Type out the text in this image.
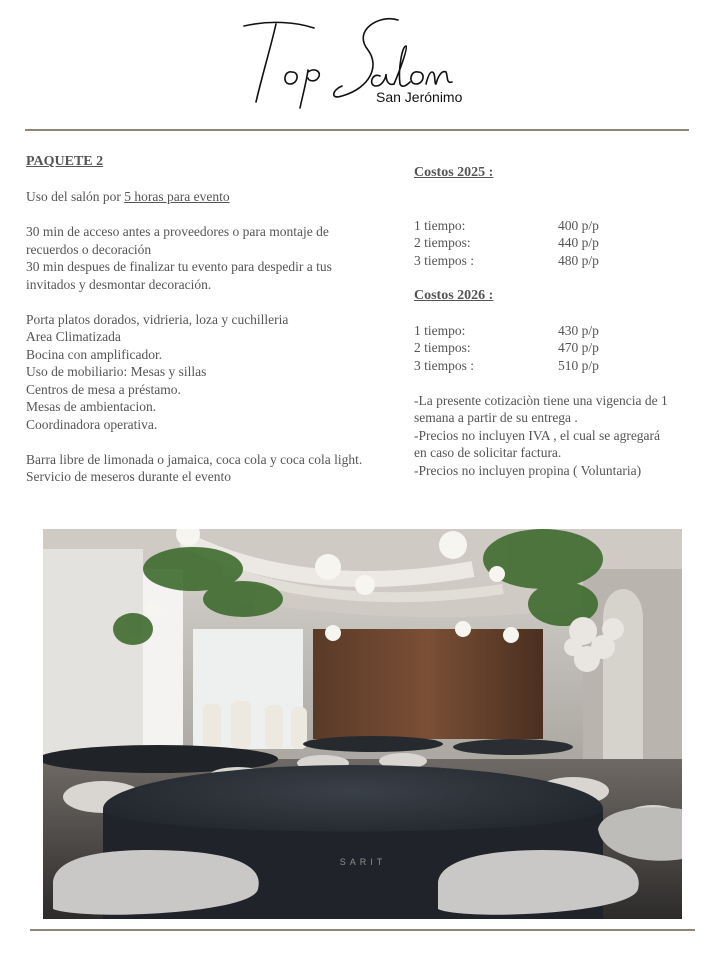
San Jerónimo

PAQUETE 2

Uso del salón por 5 horas para evento

30 min de acceso antes a proveedores o para montaje de

recuerdos o decoración

30 min despues de finalizar tu evento para despedir a tus

invitados y desmontar decoración.

Porta platos dorados, vidrieria, loza y cuchilleria

Area Climatizada

Bocina con amplificador.

Uso de mobiliario: Mesas y sillas

Centros de mesa a préstamo.

Mesas de ambientacion.

Coordinadora operativa.

Barra libre de limonada o jamaica, coca cola y coca cola light.

Servicio de meseros durante el evento

Costos 2025 :

1 tiempo:	400 p/p
2 tiempos:	440 p/p
3 tiempos :	480 p/p

Costos 2026 :

1 tiempo:	430 p/p
2 tiempos:	470 p/p
3 tiempos :	510 p/p

-La presente cotizaciòn tiene una vigencia de 1

semana a partir de su entrega .

-Precios no incluyen IVA , el cual se agregará

en caso de solicitar factura.

-Precios no incluyen propina ( Voluntaria)

SARIT
